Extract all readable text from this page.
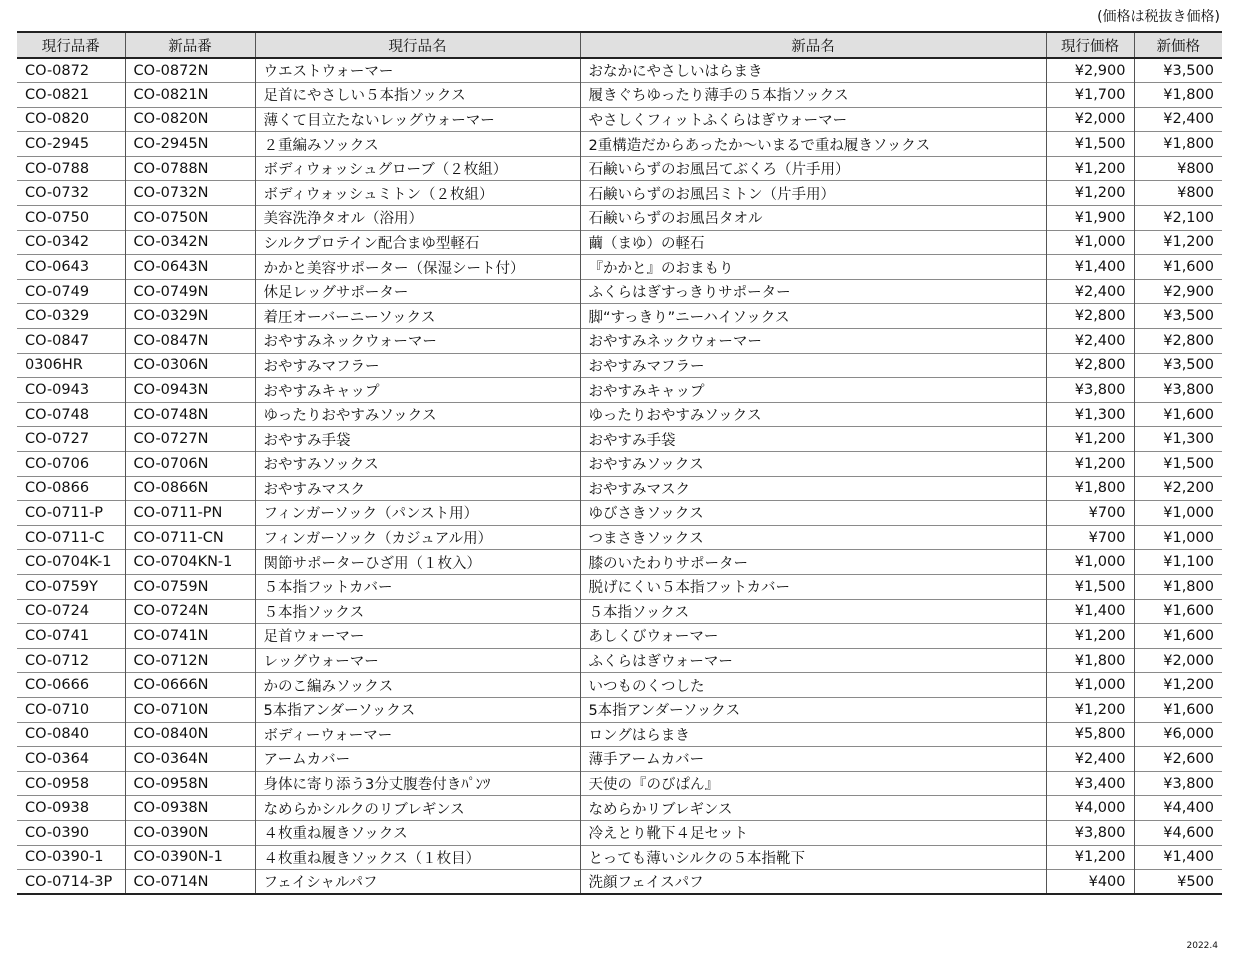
(価格は税抜き価格)
現行品番	新品番	現行品名	新品名	現行価格	新価格
CO-0872	CO-0872N	ウエストウォーマー	おなかにやさしいはらまき	¥2,900	¥3,500
CO-0821	CO-0821N	足首にやさしい５本指ソックス	履きぐちゆったり薄手の５本指ソックス	¥1,700	¥1,800
CO-0820	CO-0820N	薄くて目立たないレッグウォーマー	やさしくフィットふくらはぎウォーマー	¥2,000	¥2,400
CO-2945	CO-2945N	２重編みソックス	2重構造だからあったか〜いまるで重ね履きソックス	¥1,500	¥1,800
CO-0788	CO-0788N	ボディウォッシュグローブ（２枚組）	石鹸いらずのお風呂てぶくろ（片手用）	¥1,200	¥800
CO-0732	CO-0732N	ボディウォッシュミトン（２枚組）	石鹸いらずのお風呂ミトン（片手用）	¥1,200	¥800
CO-0750	CO-0750N	美容洗浄タオル（浴用）	石鹸いらずのお風呂タオル	¥1,900	¥2,100
CO-0342	CO-0342N	シルクプロテイン配合まゆ型軽石	繭（まゆ）の軽石	¥1,000	¥1,200
CO-0643	CO-0643N	かかと美容サポーター（保湿シート付）	『かかと』のおまもり	¥1,400	¥1,600
CO-0749	CO-0749N	休足レッグサポーター	ふくらはぎすっきりサポーター	¥2,400	¥2,900
CO-0329	CO-0329N	着圧オーバーニーソックス	脚“すっきり”ニーハイソックス	¥2,800	¥3,500
CO-0847	CO-0847N	おやすみネックウォーマー	おやすみネックウォーマー	¥2,400	¥2,800
0306HR	CO-0306N	おやすみマフラー	おやすみマフラー	¥2,800	¥3,500
CO-0943	CO-0943N	おやすみキャップ	おやすみキャップ	¥3,800	¥3,800
CO-0748	CO-0748N	ゆったりおやすみソックス	ゆったりおやすみソックス	¥1,300	¥1,600
CO-0727	CO-0727N	おやすみ手袋	おやすみ手袋	¥1,200	¥1,300
CO-0706	CO-0706N	おやすみソックス	おやすみソックス	¥1,200	¥1,500
CO-0866	CO-0866N	おやすみマスク	おやすみマスク	¥1,800	¥2,200
CO-0711-P	CO-0711-PN	フィンガーソック（パンスト用）	ゆびさきソックス	¥700	¥1,000
CO-0711-C	CO-0711-CN	フィンガーソック（カジュアル用）	つまさきソックス	¥700	¥1,000
CO-0704K-1	CO-0704KN-1	関節サポーターひざ用（１枚入）	膝のいたわりサポーター	¥1,000	¥1,100
CO-0759Y	CO-0759N	５本指フットカバー	脱げにくい５本指フットカバー	¥1,500	¥1,800
CO-0724	CO-0724N	５本指ソックス	５本指ソックス	¥1,400	¥1,600
CO-0741	CO-0741N	足首ウォーマー	あしくびウォーマー	¥1,200	¥1,600
CO-0712	CO-0712N	レッグウォーマー	ふくらはぎウォーマー	¥1,800	¥2,000
CO-0666	CO-0666N	かのこ編みソックス	いつものくつした	¥1,000	¥1,200
CO-0710	CO-0710N	5本指アンダーソックス	5本指アンダーソックス	¥1,200	¥1,600
CO-0840	CO-0840N	ボディーウォーマー	ロングはらまき	¥5,800	¥6,000
CO-0364	CO-0364N	アームカバー	薄手アームカバー	¥2,400	¥2,600
CO-0958	CO-0958N	身体に寄り添う3分丈腹巻付きﾊﾟﾝﾂ	天使の『のびぱん』	¥3,400	¥3,800
CO-0938	CO-0938N	なめらかシルクのリブレギンス	なめらかリブレギンス	¥4,000	¥4,400
CO-0390	CO-0390N	４枚重ね履きソックス	冷えとり靴下４足セット	¥3,800	¥4,600
CO-0390-1	CO-0390N-1	４枚重ね履きソックス（１枚目）	とっても薄いシルクの５本指靴下	¥1,200	¥1,400
CO-0714-3P	CO-0714N	フェイシャルパフ	洗顔フェイスパフ	¥400	¥500
2022.4
